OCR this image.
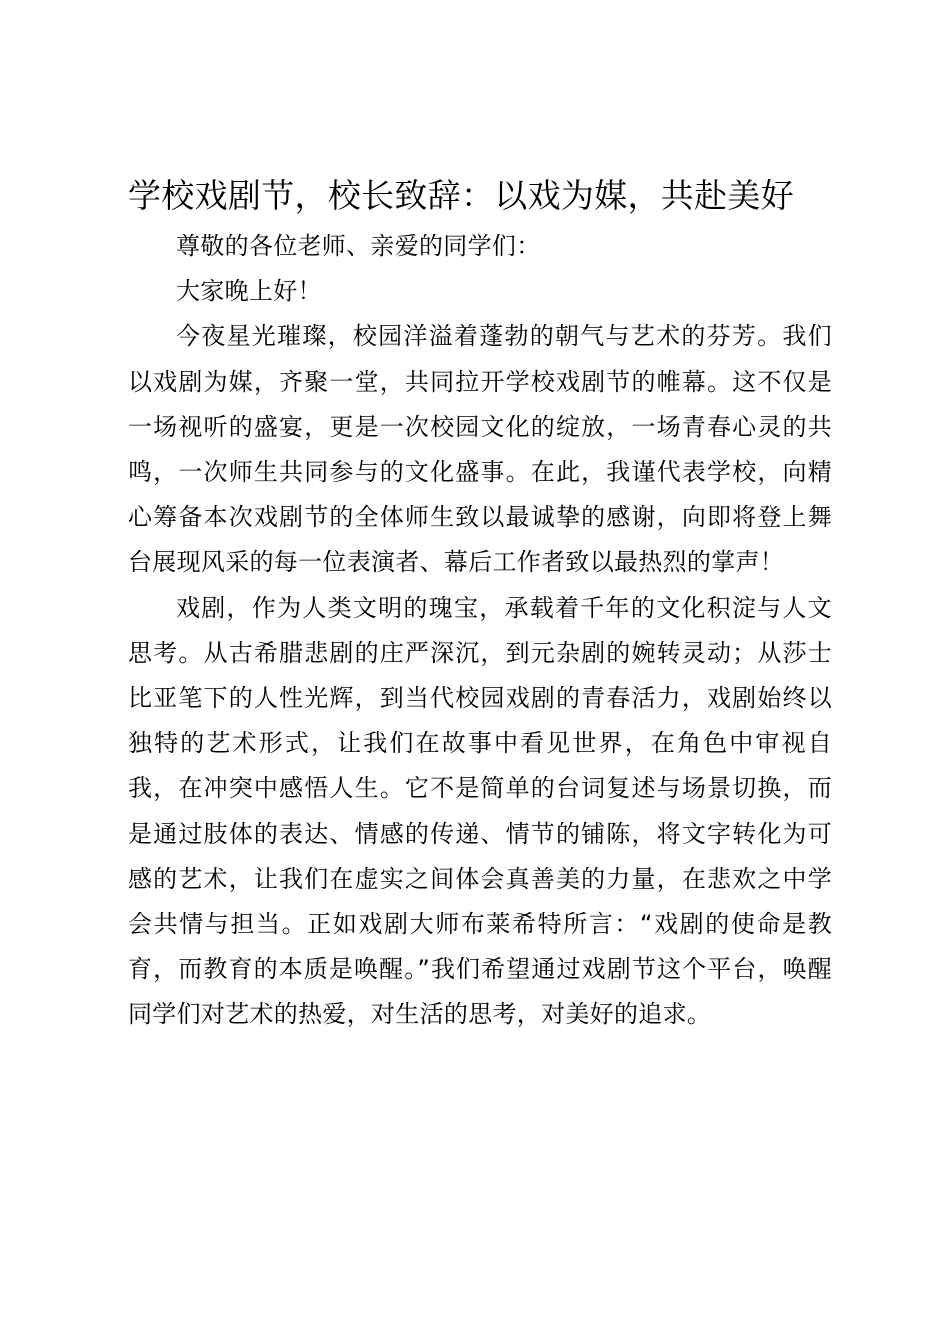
学校戏剧节，校长致辞：以戏为媒，共赴美好

尊敬的各位老师、亲爱的同学们：

大家晚上好！

今夜星光璀璨，校园洋溢着蓬勃的朝气与艺术的芬芳。我们以戏剧为媒，齐聚一堂，共同拉开学校戏剧节的帷幕。这不仅是一场视听的盛宴，更是一次校园文化的绽放，一场青春心灵的共鸣，一次师生共同参与的文化盛事。在此，我谨代表学校，向精心筹备本次戏剧节的全体师生致以最诚挚的感谢，向即将登上舞台展现风采的每一位表演者、幕后工作者致以最热烈的掌声！

戏剧，作为人类文明的瑰宝，承载着千年的文化积淀与人文思考。从古希腊悲剧的庄严深沉，到元杂剧的婉转灵动；从莎士比亚笔下的人性光辉，到当代校园戏剧的青春活力，戏剧始终以独特的艺术形式，让我们在故事中看见世界，在角色中审视自我，在冲突中感悟人生。它不是简单的台词复述与场景切换，而是通过肢体的表达、情感的传递、情节的铺陈，将文字转化为可感的艺术，让我们在虚实之间体会真善美的力量，在悲欢之中学会共情与担当。正如戏剧大师布莱希特所言：“戏剧的使命是教育，而教育的本质是唤醒。”我们希望通过戏剧节这个平台，唤醒同学们对艺术的热爱，对生活的思考，对美好的追求。
